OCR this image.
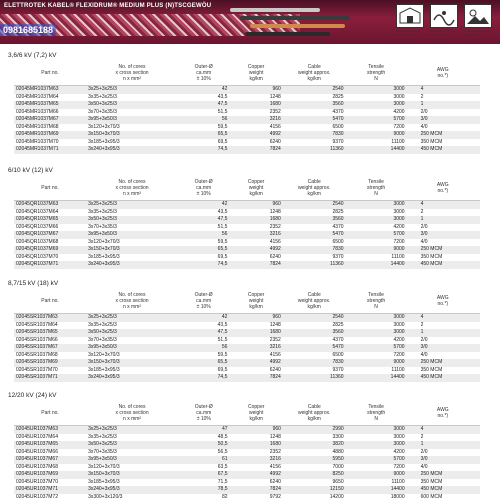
ELETTROTEK KABEL® FLEXIDRUM® MEDIUM PLUS (N)TSCGEWÖU
0981685188	Suitable for Indoor applications
Suitable for moving applications
Suitable for outdoor applications
3,6/6 kV (7,2) kV
Part no.	No. of cores
x cross section
n x mm²	Outer-Ø
ca.mm
± 10%	Copper
weight
kg/km	Cable
weight approx.
kg/km	Tensile
strength
N	AWG
no.*)

02045MR1037M63	3x25+3x25/3	42	960	2540	3000	4
02045MR1037M64	3x35+3x25/3	43,5	1248	2825	3000	2
02045MR1037M65	3x50+3x25/3	47,5	1680	3560	3000	1
02045MR1037M66	3x70+3x35/3	51,5	2352	4370	4200	2/0
02045MR1037M67	3x95+3x50/3	56	3216	5470	5700	3/0
02045MR1037M68	3x120+3x70/3	59,5	4156	6500	7200	4/0
02045MR1037M69	3x150+3x70/3	65,5	4992	7830	9000	250 MCM
02045MR1037M70	3x185+3x95/3	69,5	6240	9370	11100	350 MCM
02045MR1037M71	3x240+3x95/3	74,5	7824	11360	14400	450 MCM
6/10 kV (12) kV
Part no.	No. of cores
x cross section
n x mm²	Outer-Ø
ca.mm
± 10%	Copper
weight
kg/km	Cable
weight approx.
kg/km	Tensile
strength
N	AWG
no.*)

02045QR1037M63	3x25+3x25/3	42	960	2540	3000	4
02045QR1037M64	3x35+3x25/3	43,5	1248	2825	3000	2
02045QR1037M65	3x50+3x25/3	47,5	1680	3560	3000	1
02045QR1037M66	3x70+3x35/3	51,5	2352	4370	4200	2/0
02045QR1037M67	3x95+3x50/3	56	3216	5470	5700	3/0
02045QR1037M68	3x120+3x70/3	59,5	4156	6500	7200	4/0
02045QR1037M69	3x150+3x70/3	65,5	4992	7830	9000	250 MCM
02045QR1037M70	3x185+3x95/3	69,5	6240	9370	11100	350 MCM
02045QR1037M71	3x240+3x95/3	74,5	7824	11360	14400	450 MCM
8,7/15 kV (18) kV
Part no.	No. of cores
x cross section
n x mm²	Outer-Ø
ca.mm
± 10%	Copper
weight
kg/km	Cable
weight approx.
kg/km	Tensile
strength
N	AWG
no.*)

02045SR1037M63	3x25+3x25/3	42	960	2540	3000	4
02045SR1037M64	3x35+3x25/3	43,5	1248	2825	3000	2
02045SR1037M65	3x50+3x25/3	47,5	1680	3560	3000	1
02045SR1037M66	3x70+3x35/3	51,5	2352	4370	4200	2/0
02045SR1037M67	3x95+3x50/3	56	3216	5470	5700	3/0
02045SR1037M68	3x120+3x70/3	59,5	4156	6500	7200	4/0
02045SR1037M69	3x150+3x70/3	65,5	4992	7830	9000	250 MCM
02045SR1037M70	3x185+3x95/3	69,5	6240	9370	11100	350 MCM
02045SR1037M71	3x240+3x95/3	74,5	7824	11360	14400	450 MCM
12/20 kV (24) kV
Part no.	No. of cores
x cross section
n x mm²	Outer-Ø
ca.mm
± 10%	Copper
weight
kg/km	Cable
weight approx.
kg/km	Tensile
strength
N	AWG
no.*)

02045UR1037M63	3x25+3x25/3	47	960	2990	3000	4
02045UR1037M64	3x35+3x25/3	48,5	1248	3300	3000	2
02045UR1037M65	3x50+3x25/3	50,5	1680	3820	3000	1
02045UR1037M66	3x70+3x35/3	56,5	2352	4880	4200	2/0
02045UR1037M67	3x95+3x50/3	61	3216	5950	5700	3/0
02045UR1037M68	3x120+3x70/3	63,5	4156	7000	7200	4/0
02045UR1037M69	3x150+3x70/3	67,5	4992	8250	9000	250 MCM
02045UR1037M70	3x185+3x95/3	71,5	6240	9650	11100	350 MCM
02045UR1037M71	3x240+3x95/3	78,5	7824	12150	14400	450 MCM
02045UR1037M72	3x300+3x120/3	82	9792	14200	18000	600 MCM
